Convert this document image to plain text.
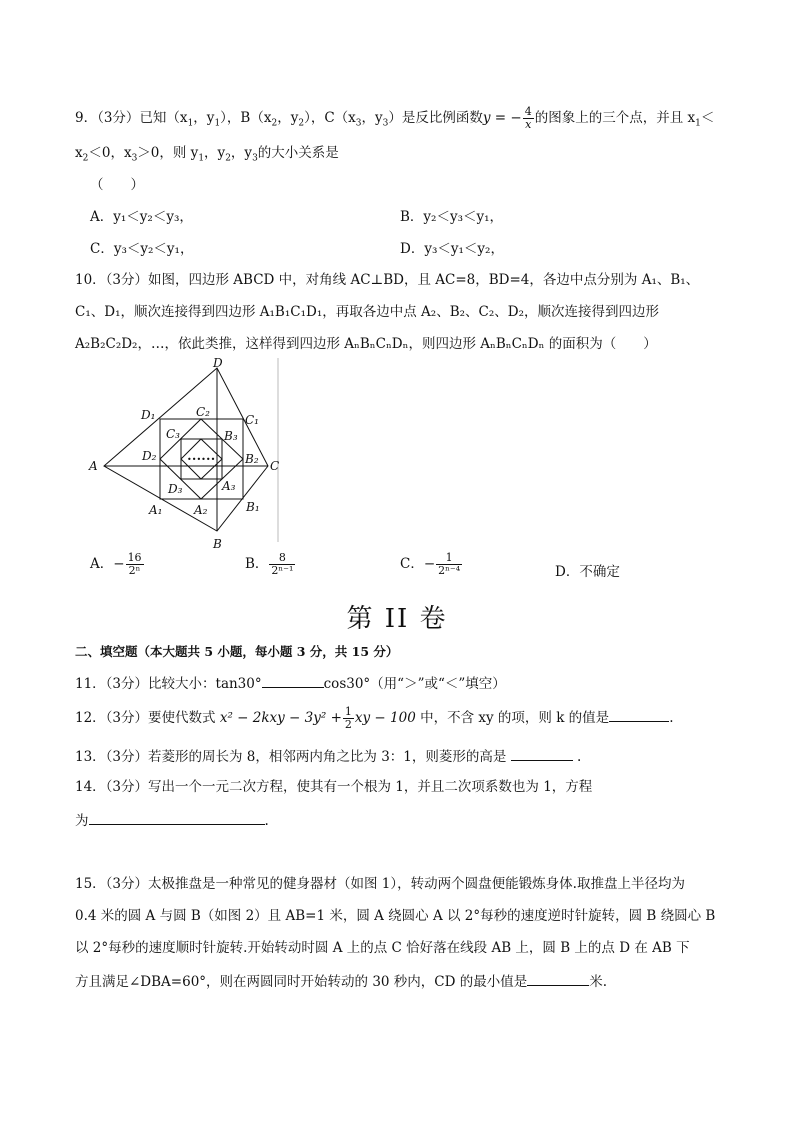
9．（3分）已知（$x_1$，$y_1$），$B(x_2$，$y_2$），$C(x_3$，$y_3$）是反比例函数y = − $\frac{4}{x}$ 的图象上的三个点，并且 $x_1<$
$x_2<0$，$x_3>0$，则 $y_1$，$y_2$，$y_3$的大小关系是
（　　）
A．y₁＜y₂＜y₃，	B．y₂＜y₃＜y₁，
C．y₃＜y₂＜y₁，	D．y₃＜y₁＜y₂，
10．（3分）如图，四边形 ABCD 中，对角线 AC⊥BD，且 AC=8，BD=4，各边中点分别为 A₁、B₁、
C₁、D₁，顺次连接得到四边形 A₁B₁C₁D₁，再取各边中点 A₂、B₂、C₂、D₂，顺次连接得到四边形
A₂B₂C₂D₂，…，依此类推，这样得到四边形 AₙBₙCₙDₙ，则四边形 AₙBₙCₙDₙ 的面积为（　　）
A
D
C
B
D₁	C₂
C₁
C₃	B₃
D₂	B₂
D₃	A₃
A₁	A₂	B₁
••••••
A．− $\frac{16}{\text{2ⁿ}}$	B． $\frac{8}{\text{2ⁿ⁻¹}}$	C．− $\frac{1}{\text{2ⁿ⁻⁴}}$	D．不确定
第 II 卷
二、填空题（本大题共 5 小题，每小题 3 分，共 15 分）
11．（3分）比较大小：tan30°	cos30°（用“＞”或“＜”填空）
12．（3分）要使代数式 $x^2 - 2kxy - 3y^2 + \frac{1}{2}$ xy − 100 中，不含 xy 的项，则 k 的值是	.
13．（3分）若菱形的周长为 8，相邻两内角之比为 3：1，则菱形的高是	.
14．（3分）写出一个一元二次方程，使其有一个根为 1，并且二次项系数也为 1，方程
为	.
15．（3分）太极推盘是一种常见的健身器材（如图 1），转动两个圆盘便能锻炼身体.取推盘上半径均为
0.4 米的圆 A 与圆 B（如图 2）且 AB=1 米，圆 A 绕圆心 A 以 2°每秒的速度逆时针旋转，圆 B 绕圆心 B
以 2°每秒的速度顺时针旋转.开始转动时圆 A 上的点 C 恰好落在线段 AB 上，圆 B 上的点 D 在 AB 下
方且满足∠DBA=60°，则在两圆同时开始转动的 30 秒内，CD 的最小值是	米.
